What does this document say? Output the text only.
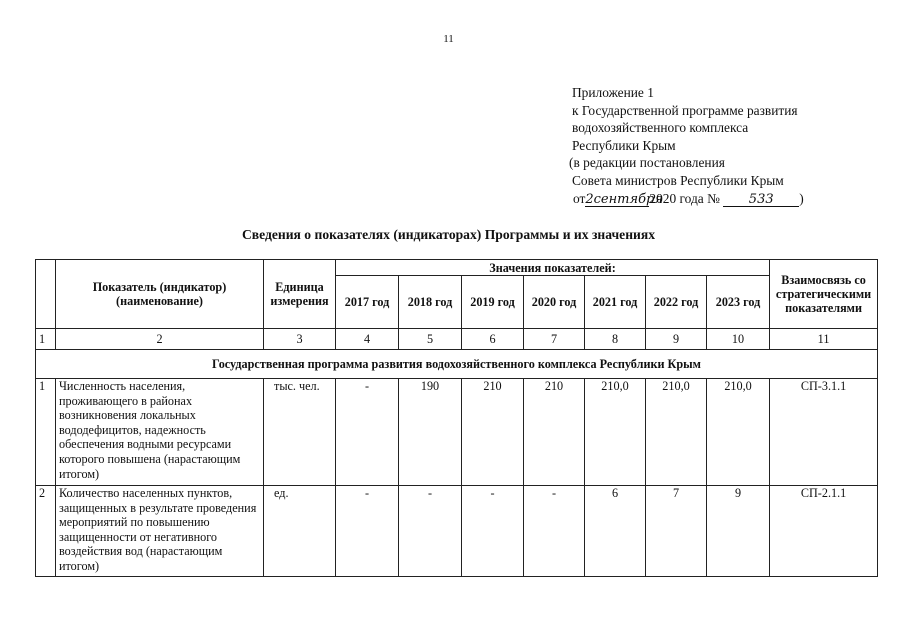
11
Приложение 1
к Государственной программе развития
водохозяйственного комплекса
Республики Крым
(в редакции постановления
Совета министров Республики Крым
от2сентября2020 года № 533 )
Сведения о показателях (индикаторах) Программы и их значениях
	Показатель (индикатор) (наименование)	Единица измерения	Значения показателей:							Взаимосвязь со стратегическими показателями
			2017 год	2018 год	2019 год	2020 год	2021 год	2022 год	2023 год	
1	2	3	4	5	6	7	8	9	10	11
Государственная программа развития водохозяйственного комплекса Республики Крым										
1	Численность населения, проживающего в районах возникновения локальных вододефицитов, надежность обеспечения водными ресурсами которого повышена (нарастающим итогом)	тыс. чел.	-	190	210	210	210,0	210,0	210,0	СП-3.1.1
2	Количество населенных пунктов, защищенных в результате проведения мероприятий по повышению защищенности от негативного воздействия вод (нарастающим итогом)	ед.	-	-	-	-	6	7	9	СП-2.1.1
